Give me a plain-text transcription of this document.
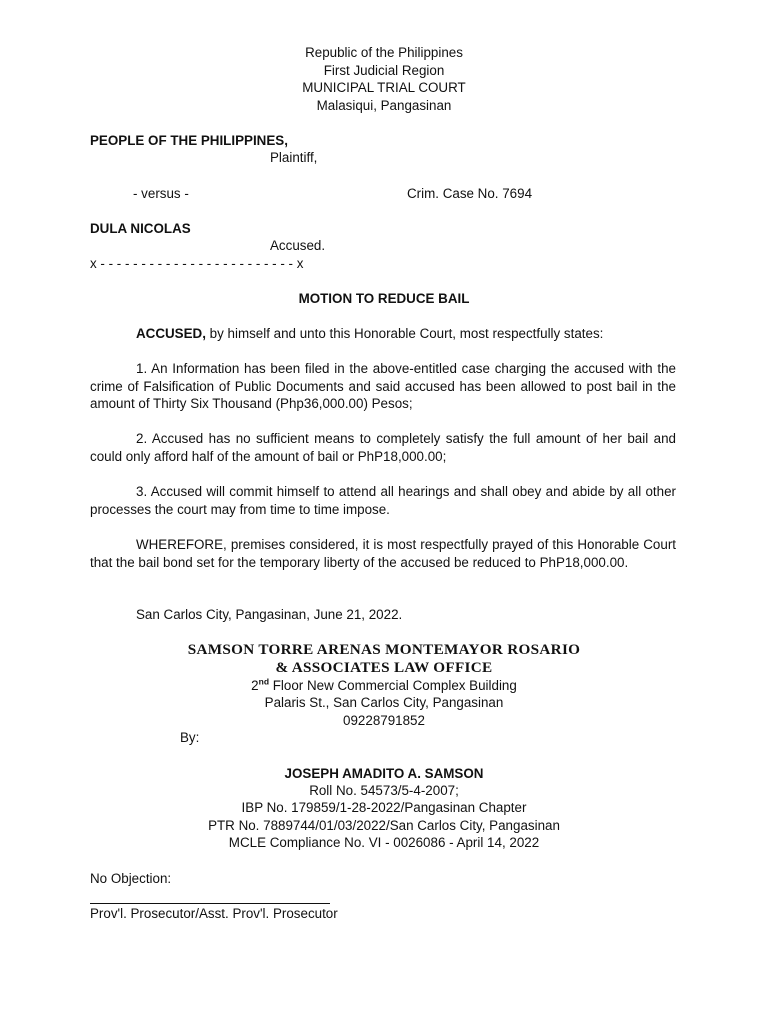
Republic of the Philippines
First Judicial Region
MUNICIPAL TRIAL COURT
Malasiqui, Pangasinan
PEOPLE OF THE PHILIPPINES,
Plaintiff,
- versus -	Crim. Case No. 7694
DULA NICOLAS
Accused.
x - - - - - - - - - - - - - - - - - - - - - - - - x
MOTION TO REDUCE BAIL
ACCUSED, by himself and unto this Honorable Court, most respectfully states:
1. An Information has been filed in the above-entitled case charging the accused with the crime of Falsification of Public Documents and said accused has been allowed to post bail in the amount of Thirty Six Thousand (Php36,000.00) Pesos;
2. Accused has no sufficient means to completely satisfy the full amount of her bail and could only afford half of the amount of bail or PhP18,000.00;
3. Accused will commit himself to attend all hearings and shall obey and abide by all other processes the court may from time to time impose.
WHEREFORE, premises considered, it is most respectfully prayed of this Honorable Court that the bail bond set for the temporary liberty of the accused be reduced to PhP18,000.00.
San Carlos City, Pangasinan, June 21, 2022.
SAMSON TORRE ARENAS MONTEMAYOR ROSARIO
& ASSOCIATES LAW OFFICE
2nd Floor New Commercial Complex Building
Palaris St., San Carlos City, Pangasinan
09228791852
By:
JOSEPH AMADITO A. SAMSON
Roll No. 54573/5-4-2007;
IBP No. 179859/1-28-2022/Pangasinan Chapter
PTR No. 7889744/01/03/2022/San Carlos City, Pangasinan
MCLE Compliance No. VI - 0026086 - April 14, 2022
No Objection:
Prov'l. Prosecutor/Asst. Prov'l. Prosecutor
